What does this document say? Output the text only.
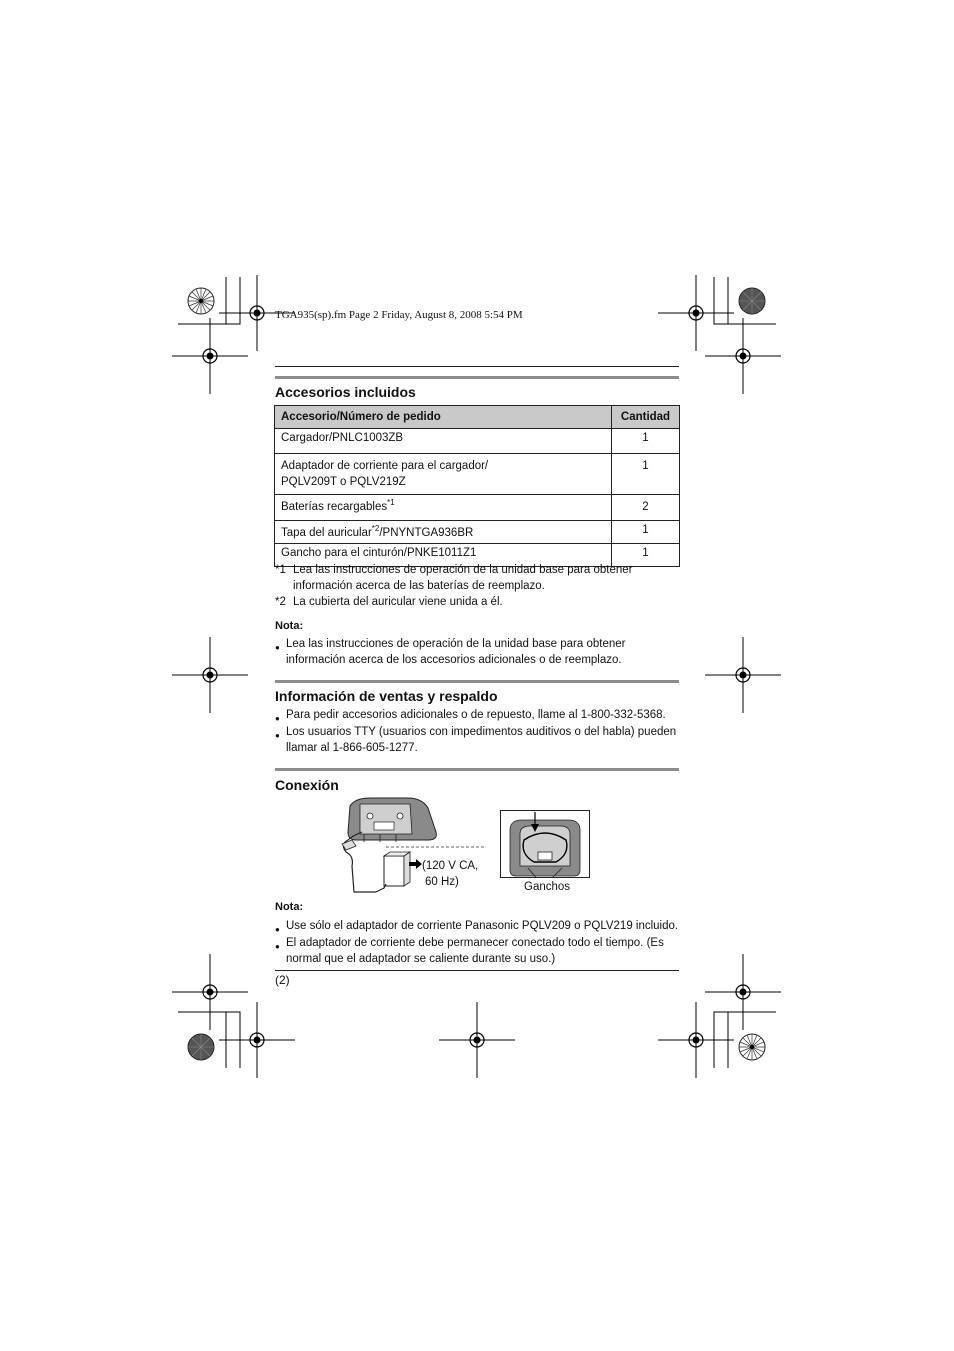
TGA935(sp).fm Page 2 Friday, August 8, 2008 5:54 PM
Accesorios incluidos
Accesorio/Número de pedido	Cantidad
Cargador/PNLC1003ZB	1
Adaptador de corriente para el cargador/
PQLV209T o PQLV219Z	1
Baterías recargables$^{*1}$	2
Tapa del auricular$^{*2}$/PNYNTGA936BR	1
Gancho para el cinturón/PNKE1011Z1	1
*1 Lea las instrucciones de operación de la unidad base para obtener
información acerca de las baterías de reemplazo.
*2 La cubierta del auricular viene unida a él.
Nota:
● Lea las instrucciones de operación de la unidad base para obtener
información acerca de los accesorios adicionales o de reemplazo.
Información de ventas y respaldo
● Para pedir accesorios adicionales o de repuesto, llame al 1-800-332-5368.
● Los usuarios TTY (usuarios con impedimentos auditivos o del habla) pueden
llamar al 1-866-605-1277.
Conexión
(120 V CA,
60 Hz)	Ganchos
Nota:
● Use sólo el adaptador de corriente Panasonic PQLV209 o PQLV219 incluido.
● El adaptador de corriente debe permanecer conectado todo el tiempo. (Es
normal que el adaptador se caliente durante su uso.)
(2)
